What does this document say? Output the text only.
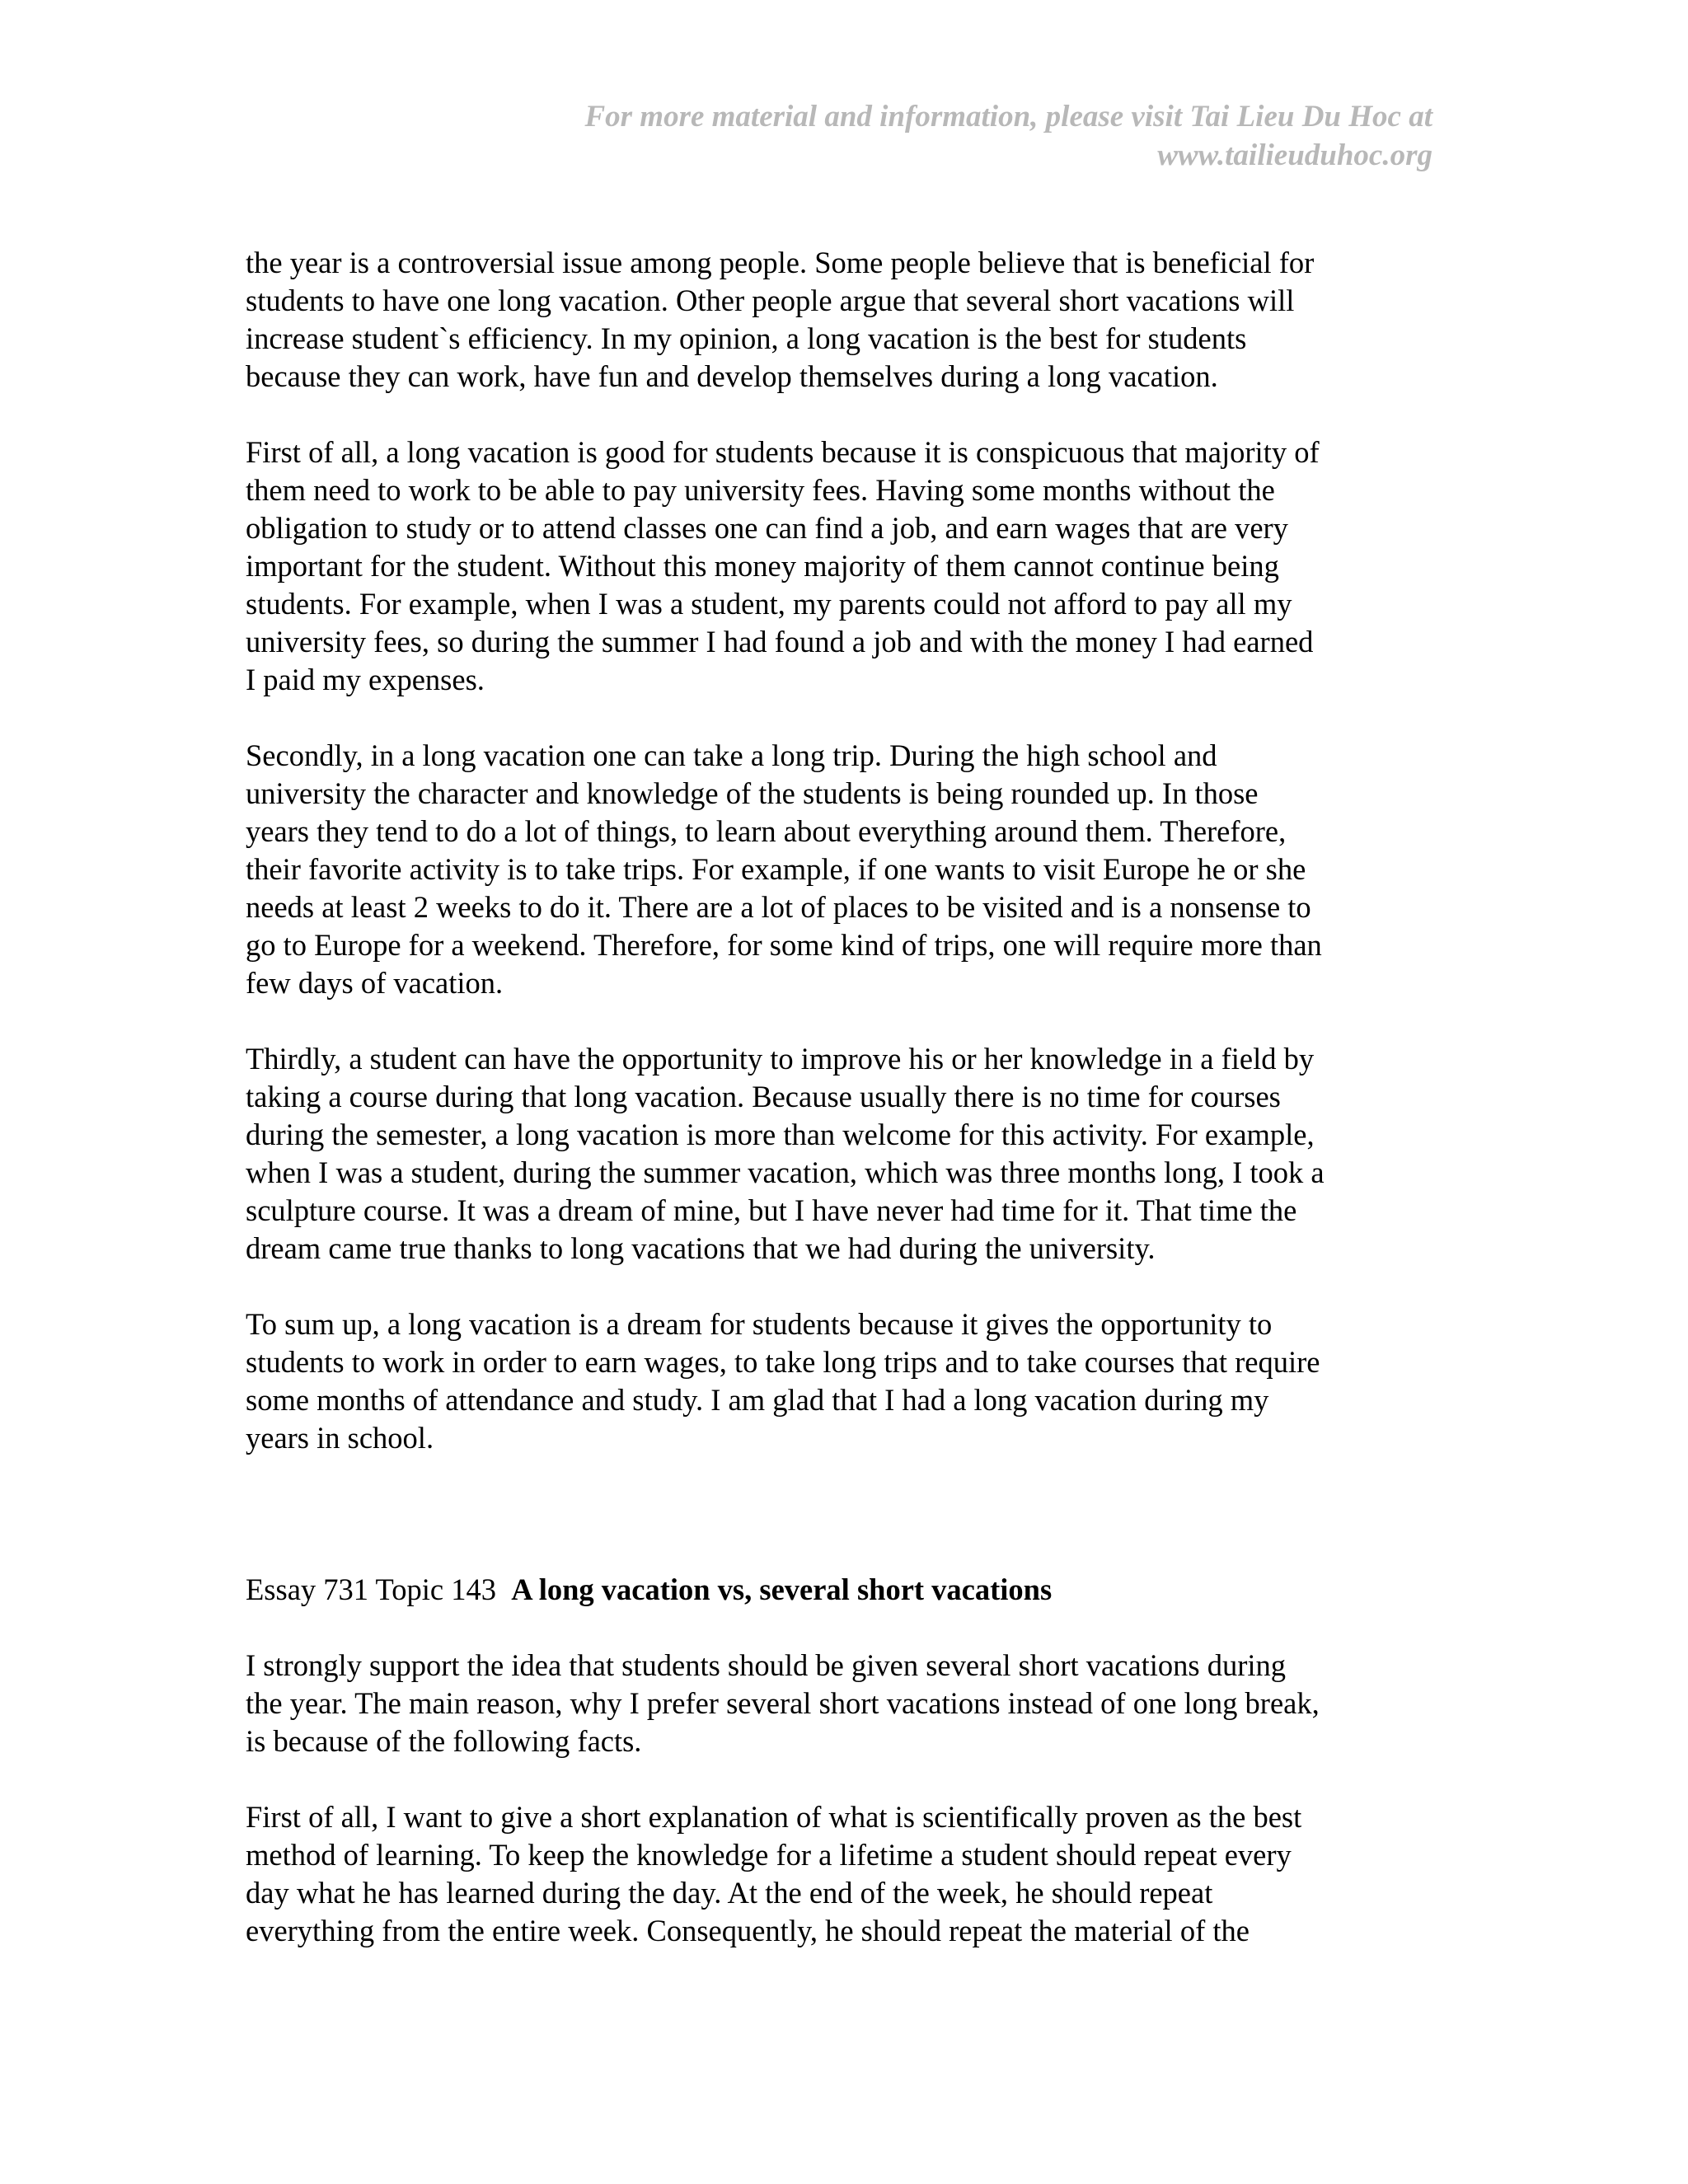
For more material and information, please visit Tai Lieu Du Hoc at
www.tailieuduhoc.org

the year is a controversial issue among people. Some people believe that is beneficial for
students to have one long vacation. Other people argue that several short vacations will
increase student`s efficiency. In my opinion, a long vacation is the best for students
because they can work, have fun and develop themselves during a long vacation.

First of all, a long vacation is good for students because it is conspicuous that majority of
them need to work to be able to pay university fees. Having some months without the
obligation to study or to attend classes one can find a job, and earn wages that are very
important for the student. Without this money majority of them cannot continue being
students. For example, when I was a student, my parents could not afford to pay all my
university fees, so during the summer I had found a job and with the money I had earned
I paid my expenses.

Secondly, in a long vacation one can take a long trip. During the high school and
university the character and knowledge of the students is being rounded up. In those
years they tend to do a lot of things, to learn about everything around them. Therefore,
their favorite activity is to take trips. For example, if one wants to visit Europe he or she
needs at least 2 weeks to do it. There are a lot of places to be visited and is a nonsense to
go to Europe for a weekend. Therefore, for some kind of trips, one will require more than
few days of vacation.

Thirdly, a student can have the opportunity to improve his or her knowledge in a field by
taking a course during that long vacation. Because usually there is no time for courses
during the semester, a long vacation is more than welcome for this activity. For example,
when I was a student, during the summer vacation, which was three months long, I took a
sculpture course. It was a dream of mine, but I have never had time for it. That time the
dream came true thanks to long vacations that we had during the university.

To sum up, a long vacation is a dream for students because it gives the opportunity to
students to work in order to earn wages, to take long trips and to take courses that require
some months of attendance and study. I am glad that I had a long vacation during my
years in school.

Essay 731 Topic 143 A long vacation vs, several short vacations

I strongly support the idea that students should be given several short vacations during
the year. The main reason, why I prefer several short vacations instead of one long break,
is because of the following facts.

First of all, I want to give a short explanation of what is scientifically proven as the best
method of learning. To keep the knowledge for a lifetime a student should repeat every
day what he has learned during the day. At the end of the week, he should repeat
everything from the entire week. Consequently, he should repeat the material of the
